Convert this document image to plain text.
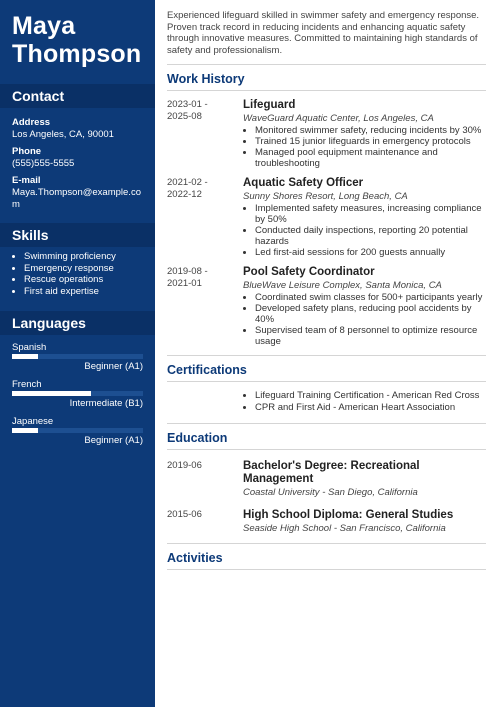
Maya
Thompson
Contact
Address
Los Angeles, CA, 90001
Phone
(555)555-5555
E-mail
Maya.Thompson@example.com
Skills
• Swimming proficiency
• Emergency response
• Rescue operations
• First aid expertise
Languages
Spanish
Beginner (A1)
French
Intermediate (B1)
Japanese
Beginner (A1)
Experienced lifeguard skilled in swimmer safety and emergency response. Proven track record in reducing incidents and enhancing aquatic safety through innovative measures. Committed to maintaining high standards of safety and professionalism.
Work History
2023-01 -
2025-08
Lifeguard
WaveGuard Aquatic Center, Los Angeles, CA
• Monitored swimmer safety, reducing incidents by 30%
• Trained 15 junior lifeguards in emergency protocols
• Managed pool equipment maintenance and troubleshooting
2021-02 -
2022-12
Aquatic Safety Officer
Sunny Shores Resort, Long Beach, CA
• Implemented safety measures, increasing compliance by 50%
• Conducted daily inspections, reporting 20 potential hazards
• Led first-aid sessions for 200 guests annually
2019-08 -
2021-01
Pool Safety Coordinator
BlueWave Leisure Complex, Santa Monica, CA
• Coordinated swim classes for 500+ participants yearly
• Developed safety plans, reducing pool accidents by 40%
• Supervised team of 8 personnel to optimize resource usage
Certifications
• Lifeguard Training Certification - American Red Cross
• CPR and First Aid - American Heart Association
Education
2019-06	Bachelor's Degree: Recreational Management
Coastal University - San Diego, California
2015-06	High School Diploma: General Studies
Seaside High School - San Francisco, California
Activities
